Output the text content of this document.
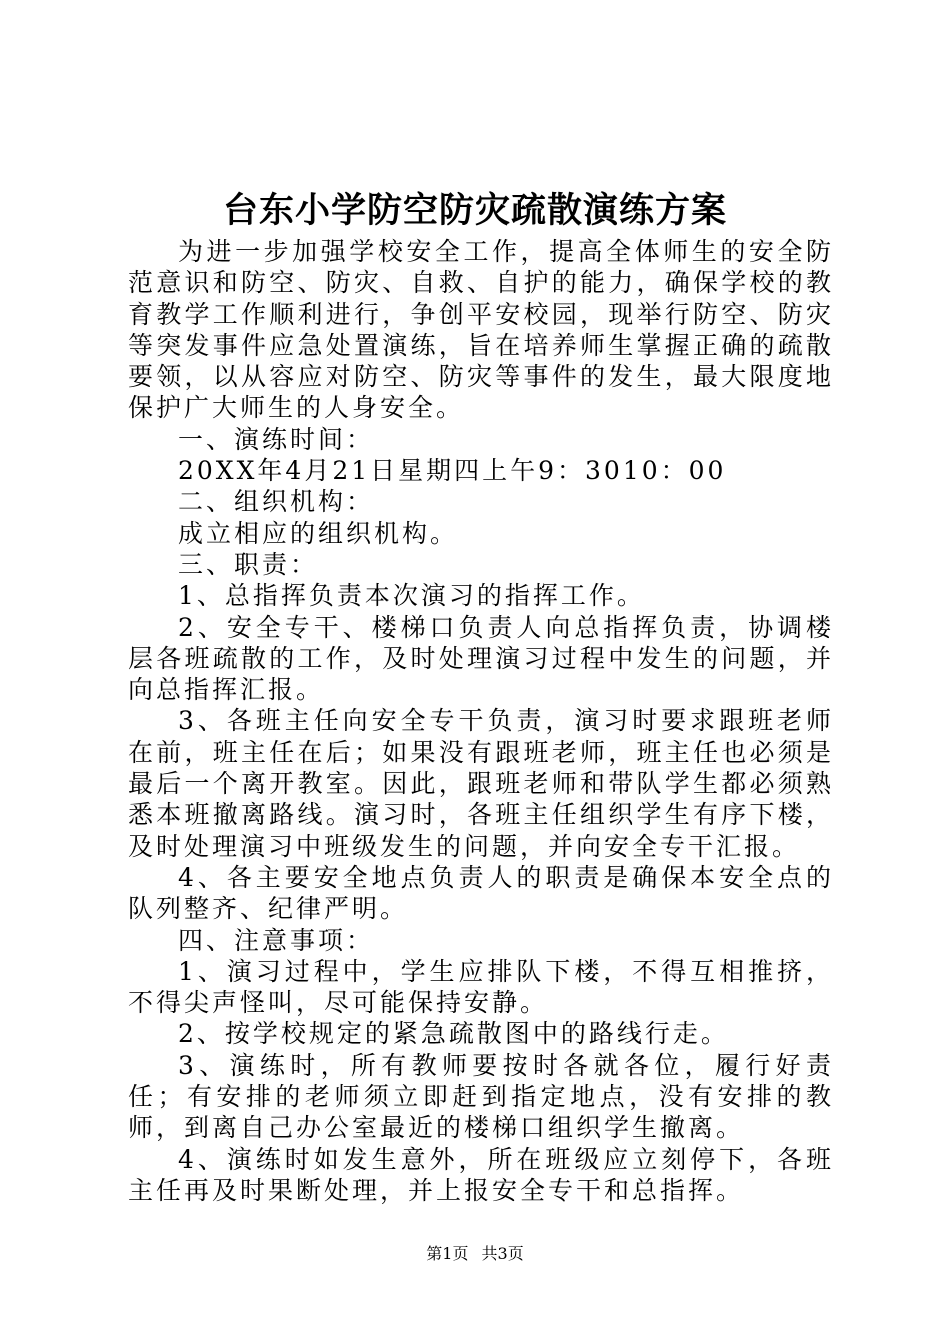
台东小学防空防灾疏散演练方案

为进一步加强学校安全工作，提高全体师生的安全防范意识和防空、防灾、自救、自护的能力，确保学校的教育教学工作顺利进行，争创平安校园，现举行防空、防灾等突发事件应急处置演练，旨在培养师生掌握正确的疏散要领，以从容应对防空、防灾等事件的发生，最大限度地保护广大师生的人身安全。

一、演练时间：

20XX年4月21日星期四上午9：3010：00

二、组织机构：

成立相应的组织机构。

三、职责：

1、总指挥负责本次演习的指挥工作。

2、安全专干、楼梯口负责人向总指挥负责，协调楼层各班疏散的工作，及时处理演习过程中发生的问题，并向总指挥汇报。

3、各班主任向安全专干负责，演习时要求跟班老师在前，班主任在后；如果没有跟班老师，班主任也必须是最后一个离开教室。因此，跟班老师和带队学生都必须熟悉本班撤离路线。演习时，各班主任组织学生有序下楼，及时处理演习中班级发生的问题，并向安全专干汇报。

4、各主要安全地点负责人的职责是确保本安全点的队列整齐、纪律严明。

四、注意事项：

1、演习过程中，学生应排队下楼，不得互相推挤，不得尖声怪叫，尽可能保持安静。

2、按学校规定的紧急疏散图中的路线行走。

3、演练时，所有教师要按时各就各位，履行好责任；有安排的老师须立即赶到指定地点，没有安排的教师，到离自己办公室最近的楼梯口组织学生撤离。

4、演练时如发生意外，所在班级应立刻停下，各班主任再及时果断处理，并上报安全专干和总指挥。

第1页 共3页
